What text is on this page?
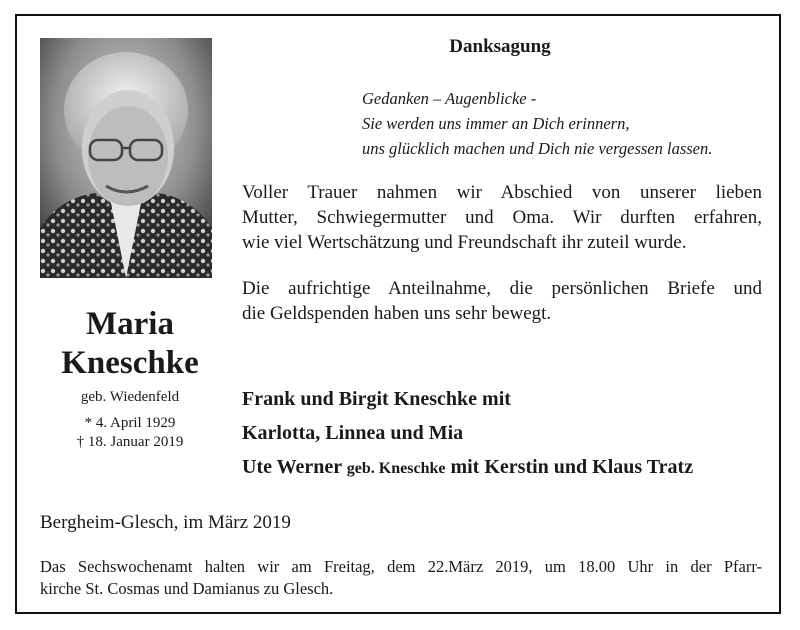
Maria
Kneschke
geb. Wiedenfeld
* 4. April 1929
† 18. Januar 2019
Danksagung
Gedanken – Augenblicke -
Sie werden uns immer an Dich erinnern,
uns glücklich machen und Dich nie vergessen lassen.
Voller Trauer nahmen wir Abschied von unserer lieben
Mutter, Schwiegermutter und Oma. Wir durften erfahren,
wie viel Wertschätzung und Freundschaft ihr zuteil wurde.
Die aufrichtige Anteilnahme, die persönlichen Briefe und
die Geldspenden haben uns sehr bewegt.
Frank und Birgit Kneschke mit
Karlotta, Linnea und Mia
Ute Werner geb. Kneschke mit Kerstin und Klaus Tratz
Bergheim-Glesch, im März 2019
Das Sechswochenamt halten wir am Freitag, dem 22.März 2019, um 18.00 Uhr in der Pfarr-
kirche St. Cosmas und Damianus zu Glesch.
